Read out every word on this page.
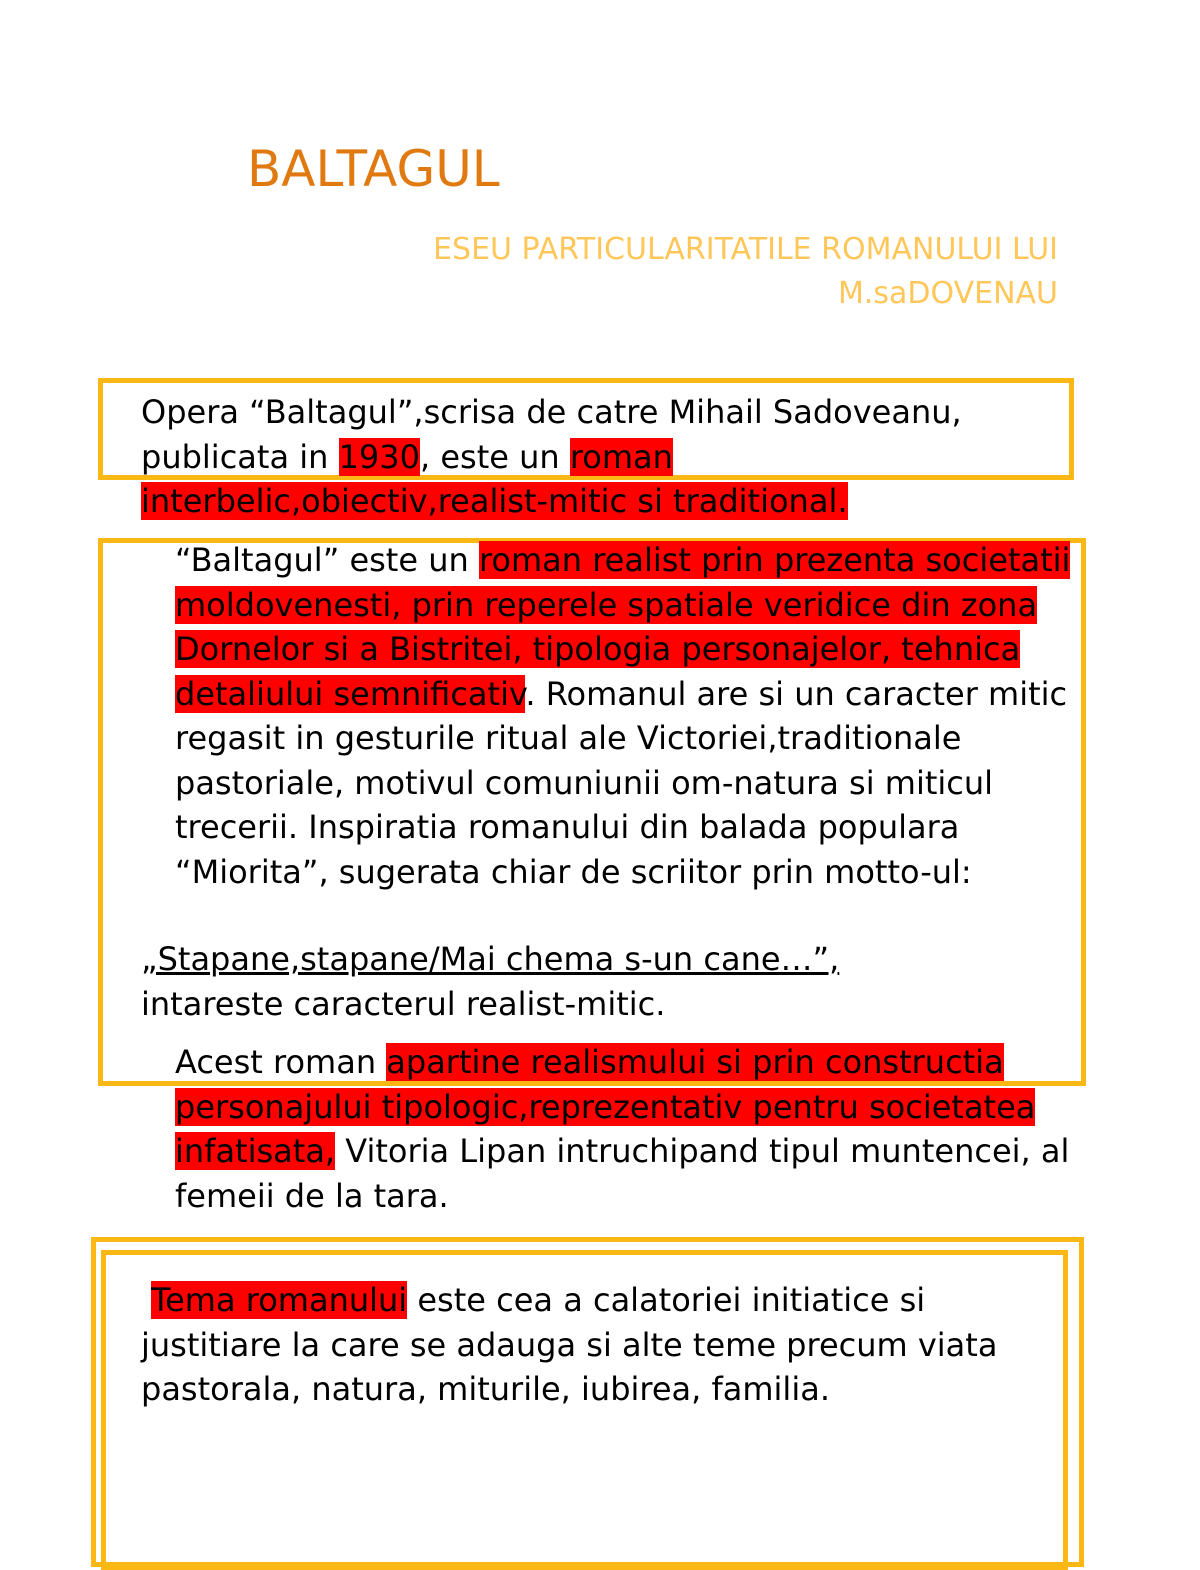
BALTAGUL
ESEU PARTICULARITATILE ROMANULUI LUI
M.saDOVENAU
Opera “Baltagul”,scrisa de catre Mihail Sadoveanu, publicata in 1930, este un roman interbelic,obiectiv,realist-mitic si traditional.
“Baltagul” este un roman realist prin prezenta societatii moldovenesti, prin reperele spatiale veridice din zona Dornelor si a Bistritei, tipologia personajelor, tehnica detaliului semnificativ. Romanul are si un caracter mitic regasit in gesturile ritual ale Victoriei,traditionale pastoriale, motivul comuniunii om-natura si miticul trecerii. Inspiratia romanului din balada populara “Miorita”, sugerata chiar de scriitor prin motto-ul:
„Stapane,stapane/Mai chema s-un cane…”,
intareste caracterul realist-mitic.
Acest roman apartine realismului si prin constructia personajului tipologic,reprezentativ pentru societatea infatisata, Vitoria Lipan intruchipand tipul muntencei, al femeii de la tara.
Tema romanului este cea a calatoriei initiatice si justitiare la care se adauga si alte teme precum viata pastorala, natura, miturile, iubirea, familia.
